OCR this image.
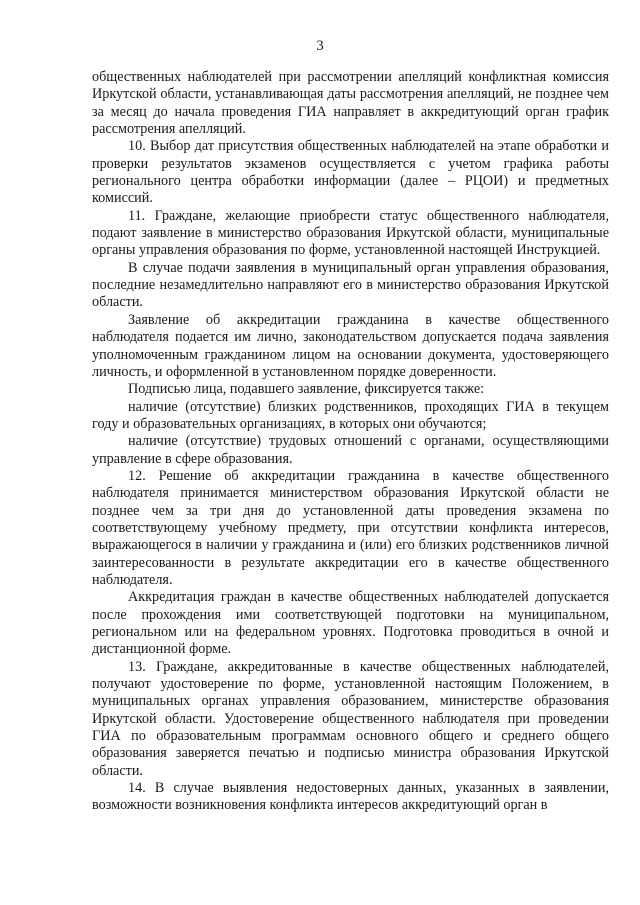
3

общественных наблюдателей при рассмотрении апелляций конфликтная комиссия Иркутской области, устанавливающая даты рассмотрения апелляций, не позднее чем за месяц до начала проведения ГИА направляет в аккредитующий орган график рассмотрения апелляций.

10. Выбор дат присутствия общественных наблюдателей на этапе обработки и проверки результатов экзаменов осуществляется с учетом графика работы регионального центра обработки информации (далее – РЦОИ) и предметных комиссий.

11. Граждане, желающие приобрести статус общественного наблюдателя, подают заявление в министерство образования Иркутской области, муниципальные органы управления образования по форме, установленной настоящей Инструкцией.

В случае подачи заявления в муниципальный орган управления образования, последние незамедлительно направляют его в министерство образования Иркутской области.

Заявление об аккредитации гражданина в качестве общественного наблюдателя подается им лично, законодательством допускается подача заявления уполномоченным гражданином лицом на основании документа, удостоверяющего личность, и оформленной в установленном порядке доверенности.

Подписью лица, подавшего заявление, фиксируется также:

наличие (отсутствие) близких родственников, проходящих ГИА в текущем году и образовательных организациях, в которых они обучаются;

наличие (отсутствие) трудовых отношений с органами, осуществляющими управление в сфере образования.

12. Решение об аккредитации гражданина в качестве общественного наблюдателя принимается министерством образования Иркутской области не позднее чем за три дня до установленной даты проведения экзамена по соответствующему учебному предмету, при отсутствии конфликта интересов, выражающегося в наличии у гражданина и (или) его близких родственников личной заинтересованности в результате аккредитации его в качестве общественного наблюдателя.

Аккредитация граждан в качестве общественных наблюдателей допускается после прохождения ими соответствующей подготовки на муниципальном, региональном или на федеральном уровнях. Подготовка проводиться в очной и дистанционной форме.

13. Граждане, аккредитованные в качестве общественных наблюдателей, получают удостоверение по форме, установленной настоящим Положением, в муниципальных органах управления образованием, министерстве образования Иркутской области. Удостоверение общественного наблюдателя при проведении ГИА по образовательным программам основного общего и среднего общего образования заверяется печатью и подписью министра образования Иркутской области.

14. В случае выявления недостоверных данных, указанных в заявлении, возможности возникновения конфликта интересов аккредитующий орган в
